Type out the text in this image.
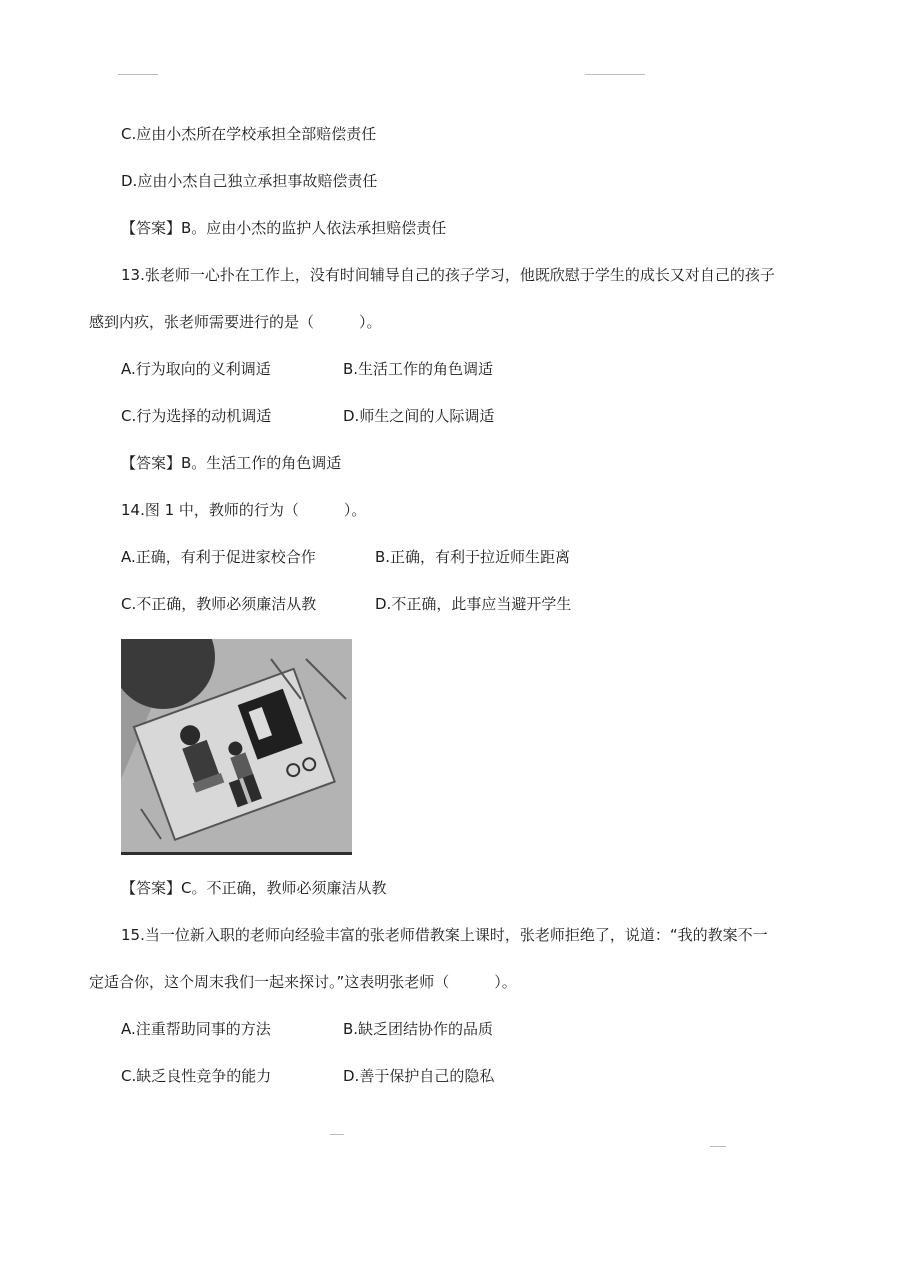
C.应由小杰所在学校承担全部赔偿责任
D.应由小杰自己独立承担事故赔偿责任
【答案】B。应由小杰的监护人依法承担赔偿责任
13.张老师一心扑在工作上，没有时间辅导自己的孩子学习，他既欣慰于学生的成长又对自己的孩子
感到内疚，张老师需要进行的是（　　　）。
A.行为取向的义利调适	B.生活工作的角色调适
C.行为选择的动机调适	D.师生之间的人际调适
【答案】B。生活工作的角色调适
14.图 1 中，教师的行为（　　　）。
A.正确，有利于促进家校合作	B.正确，有利于拉近师生距离
C.不正确，教师必须廉洁从教	D.不正确，此事应当避开学生
【答案】C。不正确，教师必须廉洁从教
15.当一位新入职的老师向经验丰富的张老师借教案上课时，张老师拒绝了，说道：“我的教案不一
定适合你，这个周末我们一起来探讨。”这表明张老师（　　　）。
A.注重帮助同事的方法	B.缺乏团结协作的品质
C.缺乏良性竞争的能力	D.善于保护自己的隐私
